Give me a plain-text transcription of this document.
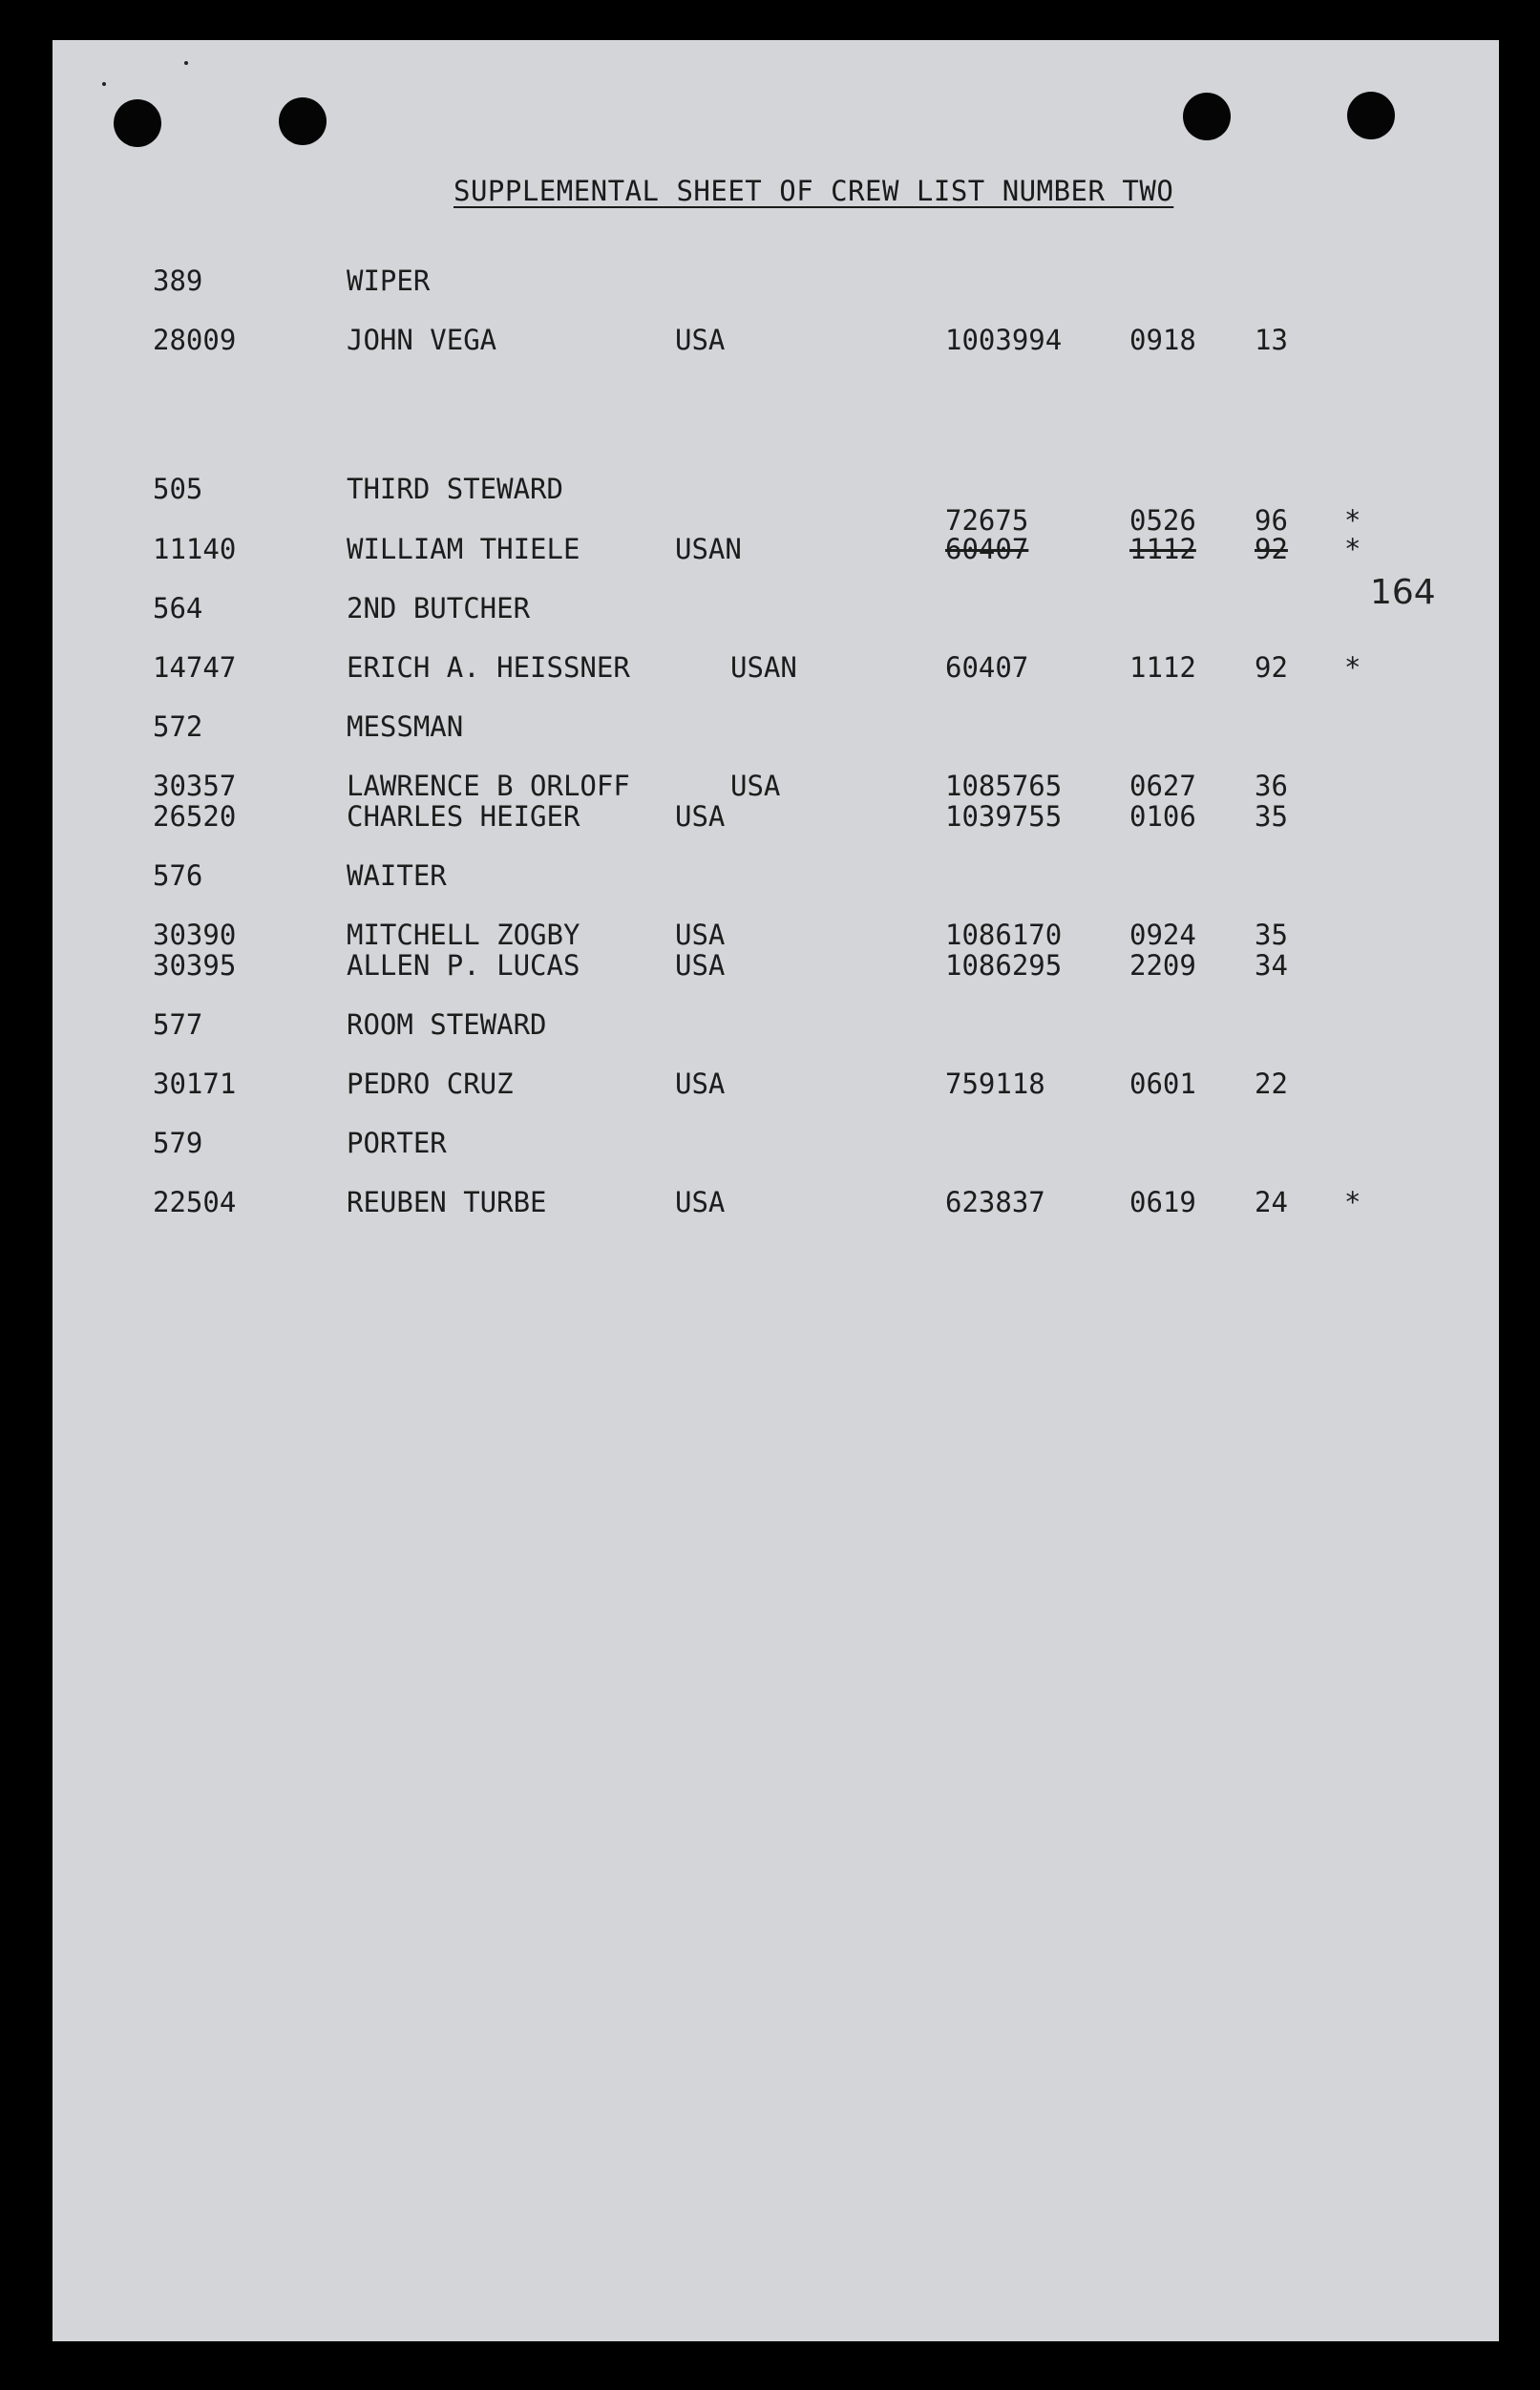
SUPPLEMENTAL SHEET OF CREW LIST NUMBER TWO
164
389	WIPER
28009	JOHN VEGA	USA	1003994 0918 13
505	THIRD STEWARD
72675	0526 96 *
11140	WILLIAM THIELE	USAN	60407	1112 92 *
564	2ND BUTCHER
14747	ERICH A. HEISSNER	USAN	60407	1112 92 *
572	MESSMAN
30357	LAWRENCE B ORLOFF	USA	1085765 0627 36
26520	CHARLES HEIGER	USA	1039755 0106 35
576	WAITER
30390	MITCHELL ZOGBY	USA	1086170 0924 35
30395	ALLEN P. LUCAS	USA	1086295 2209 34
577	ROOM STEWARD
30171	PEDRO CRUZ	USA	759118	0601 22
579	PORTER
22504	REUBEN TURBE	USA	623837	0619 24 *
